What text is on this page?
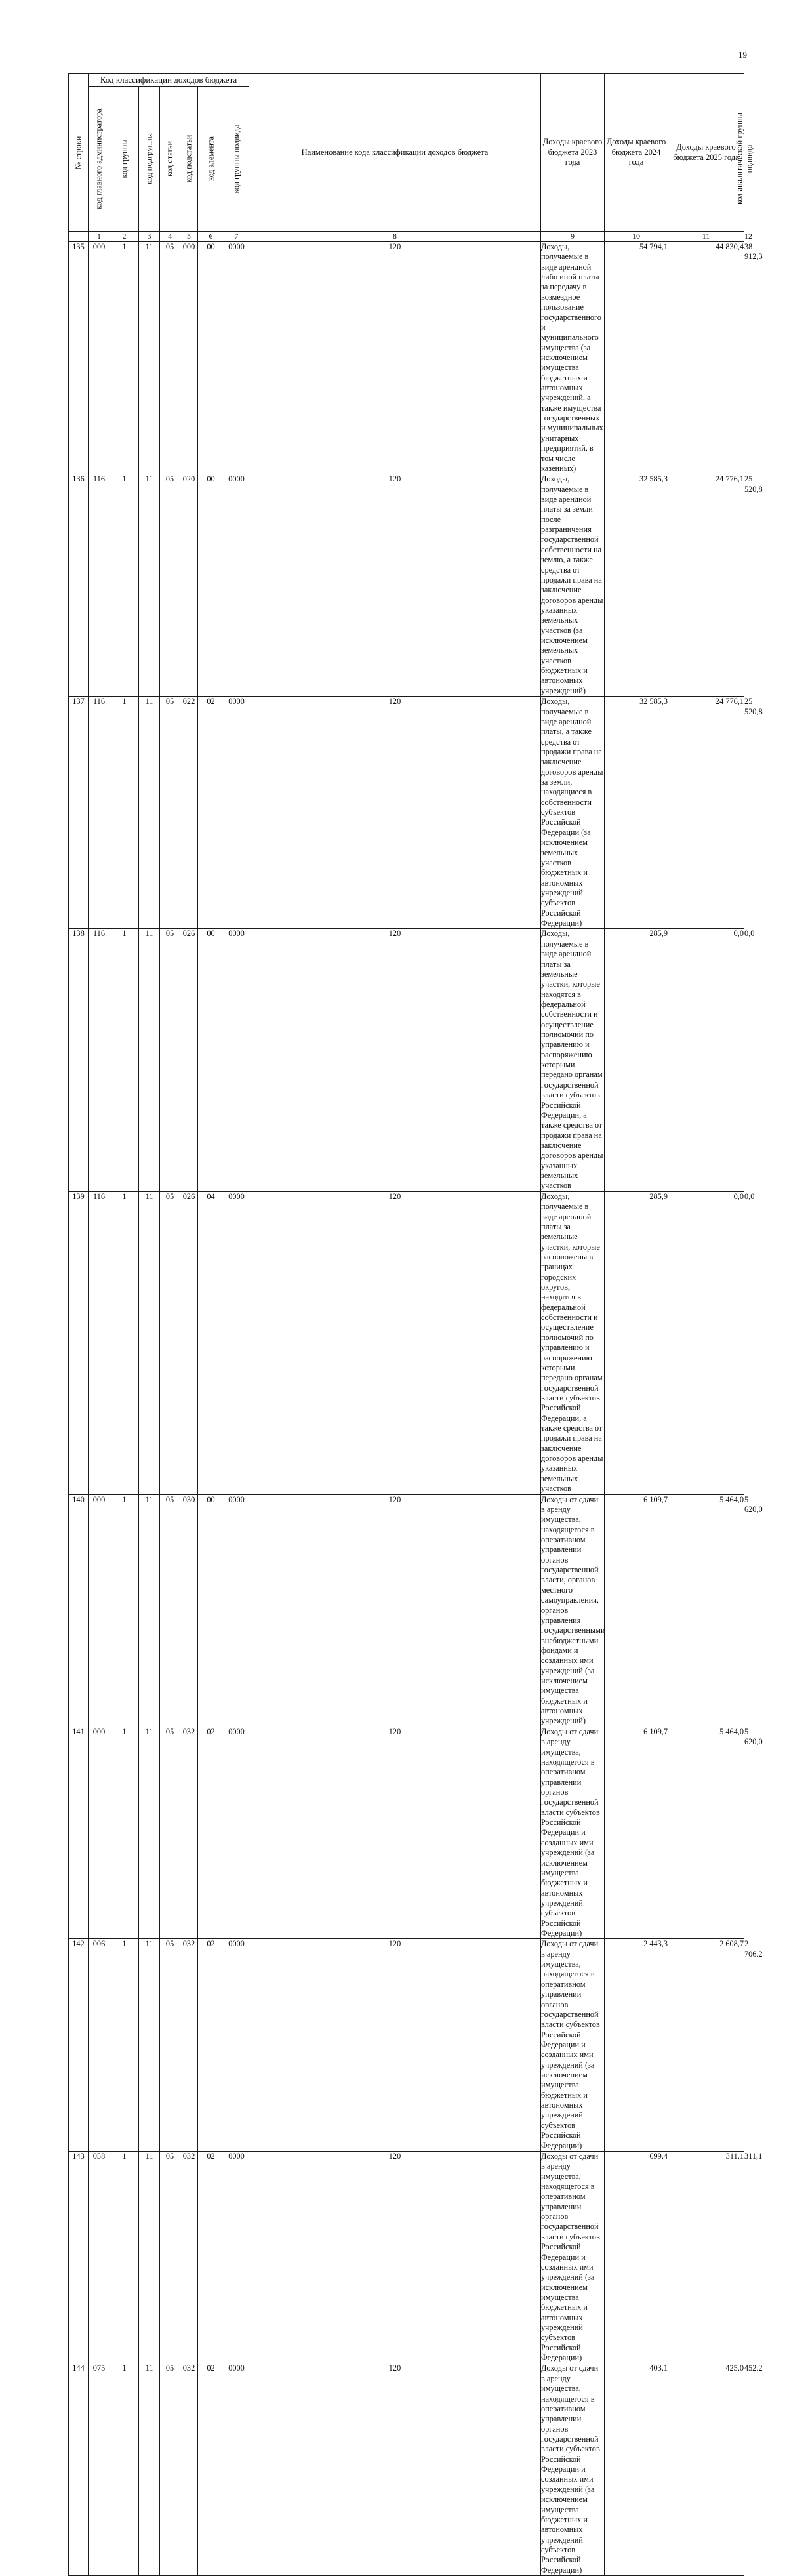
19
№ строки	Код классификации доходов бюджета							Наименование кода классификации доходов бюджета	Доходы краевого бюджета 2023 года	Доходы краевого бюджета 2024 года	Доходы краевого бюджета 2025 года	

	код главного администратора	код группы	код подгруппы	код статьи	код подстатьи	код элемента	код группы подвида					код аналитической группы подвида

	1	2	3	4	5	6	7	8	9	10	11	12
135	000	1	11	05	000	00	0000	120	Доходы, получаемые в виде арендной либо иной платы за передачу в возмездное пользование государственного и муниципального имущества (за исключением имущества бюджетных и автономных учреждений, а также имущества государственных и муниципальных унитарных предприятий, в том числе казенных)	54 794,1	44 830,4	38 912,3
136	116	1	11	05	020	00	0000	120	Доходы, получаемые в виде арендной платы за земли после разграничения государственной собственности на землю, а также средства от продажи права на заключение договоров аренды указанных земельных участков (за исключением земельных участков бюджетных и автономных учреждений)	32 585,3	24 776,1	25 520,8
137	116	1	11	05	022	02	0000	120	Доходы, получаемые в виде арендной платы, а также средства от продажи права на заключение договоров аренды за земли, находящиеся в собственности субъектов Российской Федерации (за исключением земельных участков бюджетных и автономных учреждений субъектов Российской Федерации)	32 585,3	24 776,1	25 520,8
138	116	1	11	05	026	00	0000	120	Доходы, получаемые в виде арендной платы за земельные участки, которые находятся в федеральной собственности и осуществление полномочий по управлению и распоряжению которыми передано органам государственной власти субъектов Российской Федерации, а также средства от продажи права на заключение договоров аренды указанных земельных участков	285,9	0,0	0,0
139	116	1	11	05	026	04	0000	120	Доходы, получаемые в виде арендной платы за земельные участки, которые расположены в границах городских округов, находятся в федеральной собственности и осуществление полномочий по управлению и распоряжению которыми передано органам государственной власти субъектов Российской Федерации, а также средства от продажи права на заключение договоров аренды указанных земельных участков	285,9	0,0	0,0
140	000	1	11	05	030	00	0000	120	Доходы от сдачи в аренду имущества, находящегося в оперативном управлении органов государственной власти, органов местного самоуправления, органов управления государственными внебюджетными фондами и созданных ими учреждений (за исключением имущества бюджетных и автономных учреждений)	6 109,7	5 464,0	5 620,0
141	000	1	11	05	032	02	0000	120	Доходы от сдачи в аренду имущества, находящегося в оперативном управлении органов государственной власти субъектов Российской Федерации и созданных ими учреждений (за исключением имущества бюджетных и автономных учреждений субъектов Российской Федерации)	6 109,7	5 464,0	5 620,0
142	006	1	11	05	032	02	0000	120	Доходы от сдачи в аренду имущества, находящегося в оперативном управлении органов государственной власти субъектов Российской Федерации и созданных ими учреждений (за исключением имущества бюджетных и автономных учреждений субъектов Российской Федерации)	2 443,3	2 608,7	2 706,2
143	058	1	11	05	032	02	0000	120	Доходы от сдачи в аренду имущества, находящегося в оперативном управлении органов государственной власти субъектов Российской Федерации и созданных ими учреждений (за исключением имущества бюджетных и автономных учреждений субъектов Российской Федерации)	699,4	311,1	311,1
144	075	1	11	05	032	02	0000	120	Доходы от сдачи в аренду имущества, находящегося в оперативном управлении органов государственной власти субъектов Российской Федерации и созданных ими учреждений (за исключением имущества бюджетных и автономных учреждений субъектов Российской Федерации)	403,1	425,0	452,2
